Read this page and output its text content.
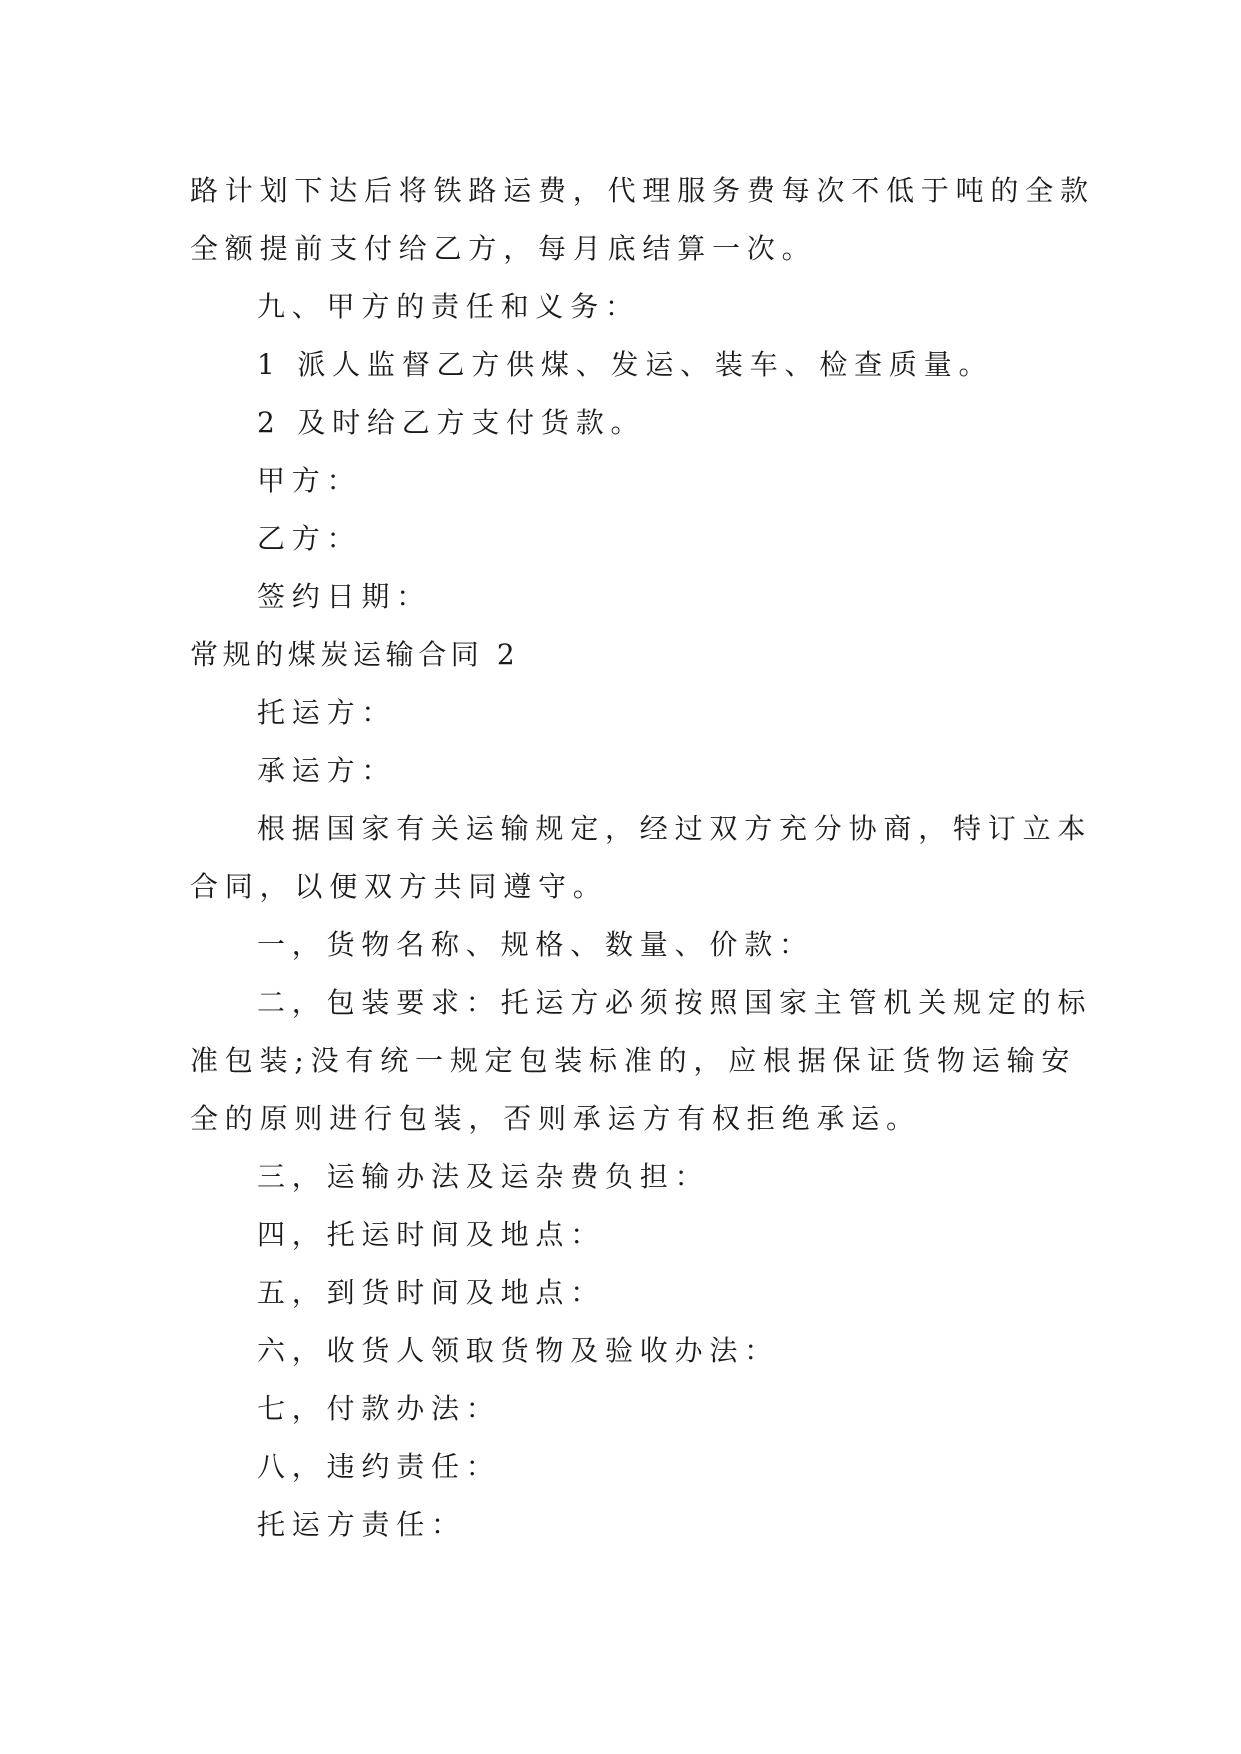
路计划下达后将铁路运费，代理服务费每次不低于吨的全款
全额提前支付给乙方，每月底结算一次。
九、甲方的责任和义务：
1 派人监督乙方供煤、发运、装车、检查质量。
2 及时给乙方支付货款。
甲方：
乙方：
签约日期：
常规的煤炭运输合同 2
托运方：
承运方：
根据国家有关运输规定，经过双方充分协商，特订立本
合同，以便双方共同遵守。
一，货物名称、规格、数量、价款：
二，包装要求：托运方必须按照国家主管机关规定的标
准包装;没有统一规定包装标准的，应根据保证货物运输安
全的原则进行包装，否则承运方有权拒绝承运。
三，运输办法及运杂费负担：
四，托运时间及地点：
五，到货时间及地点：
六，收货人领取货物及验收办法：
七，付款办法：
八，违约责任：
托运方责任：
